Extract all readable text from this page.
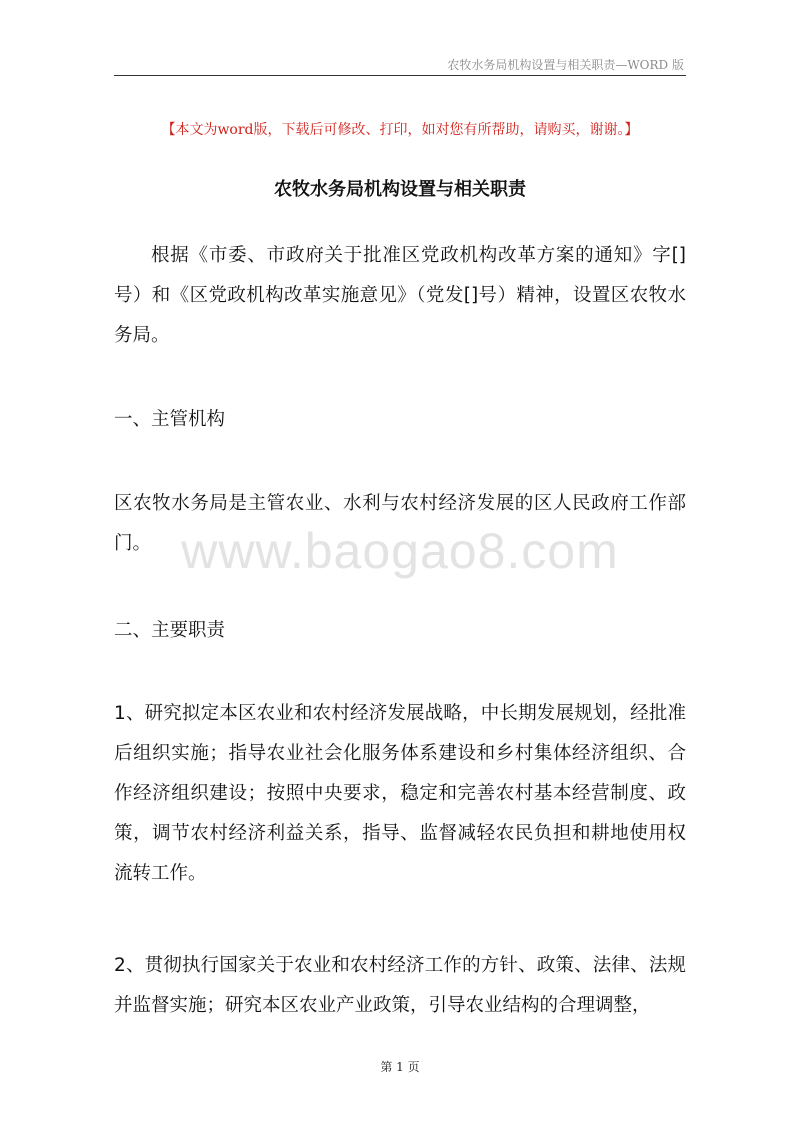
农牧水务局机构设置与相关职责—WORD 版
【本文为word版，下载后可修改、打印，如对您有所帮助，请购买，谢谢。】
农牧水务局机构设置与相关职责

根据《市委、市政府关于批准区党政机构改革方案的通知》字[]号）和《区党政机构改革实施意见》（党发[]号）精神，设置区农牧水务局。

一、主管机构

区农牧水务局是主管农业、水利与农村经济发展的区人民政府工作部门。

二、主要职责

1、研究拟定本区农业和农村经济发展战略，中长期发展规划，经批准后组织实施；指导农业社会化服务体系建设和乡村集体经济组织、合作经济组织建设；按照中央要求，稳定和完善农村基本经营制度、政策，调节农村经济利益关系，指导、监督减轻农民负担和耕地使用权流转工作。

2、贯彻执行国家关于农业和农村经济工作的方针、政策、法律、法规并监督实施；研究本区农业产业政策，引导农业结构的合理调整，

www.baogao8.com
第 1 页
